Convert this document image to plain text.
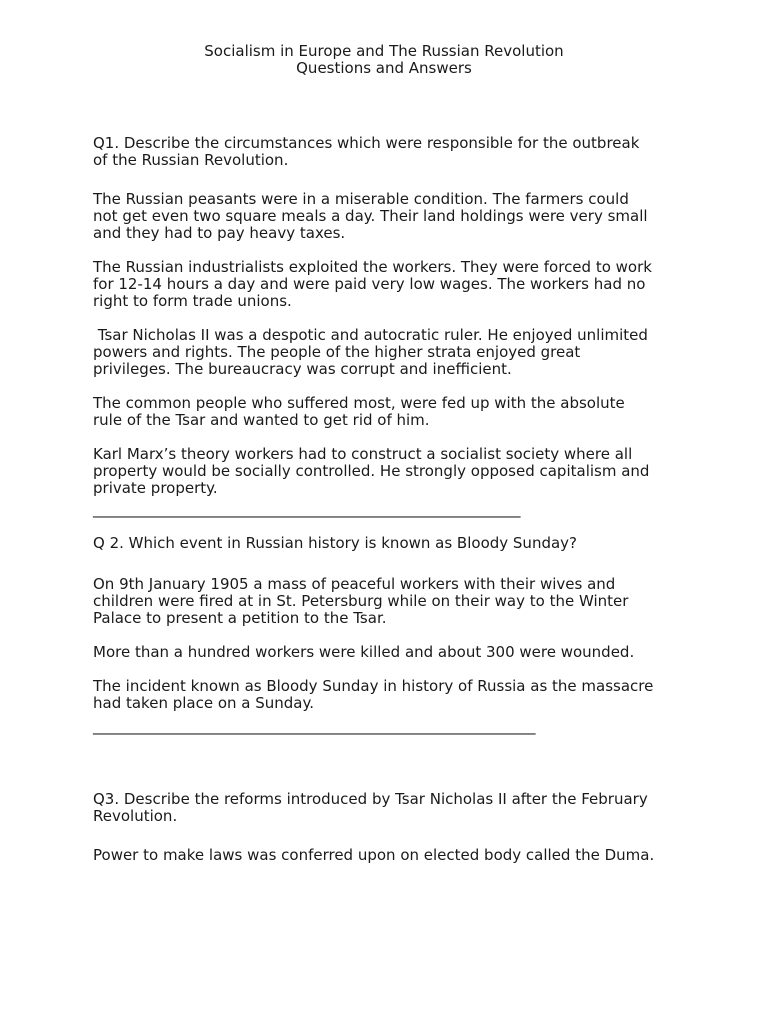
Socialism in Europe and The Russian Revolution
Questions and Answers

Q1. Describe the circumstances which were responsible for the outbreak
of the Russian Revolution.

The Russian peasants were in a miserable condition. The farmers could
not get even two square meals a day. Their land holdings were very small
and they had to pay heavy taxes.

The Russian industrialists exploited the workers. They were forced to work
for 12-14 hours a day and were paid very low wages. The workers had no
right to form trade unions.

Tsar Nicholas II was a despotic and autocratic ruler. He enjoyed unlimited
powers and rights. The people of the higher strata enjoyed great
privileges. The bureaucracy was corrupt and inefficient.

The common people who suffered most, were fed up with the absolute
rule of the Tsar and wanted to get rid of him.

Karl Marx’s theory workers had to construct a socialist society where all
property would be socially controlled. He strongly opposed capitalism and
private property.

_________________________________________________________

Q 2. Which event in Russian history is known as Bloody Sunday?

On 9th January 1905 a mass of peaceful workers with their wives and
children were fired at in St. Petersburg while on their way to the Winter
Palace to present a petition to the Tsar.

More than a hundred workers were killed and about 300 were wounded.

The incident known as Bloody Sunday in history of Russia as the massacre
had taken place on a Sunday.

___________________________________________________________

Q3. Describe the reforms introduced by Tsar Nicholas II after the February
Revolution.

Power to make laws was conferred upon on elected body called the Duma.
